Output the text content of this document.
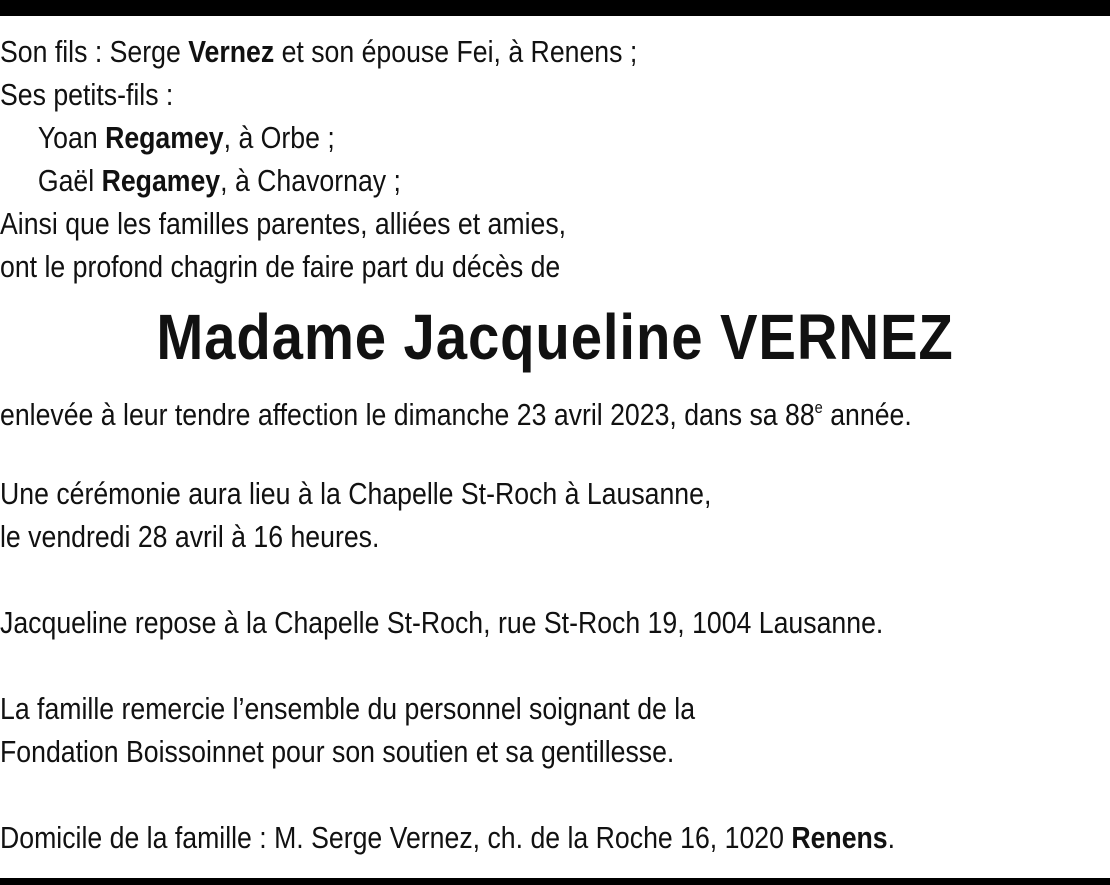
Son fils : Serge Vernez et son épouse Fei, à Renens ;
Ses petits-fils :
Yoan Regamey, à Orbe ;
Gaël Regamey, à Chavornay ;
Ainsi que les familles parentes, alliées et amies,
ont le profond chagrin de faire part du décès de
Madame Jacqueline VERNEZ
enlevée à leur tendre affection le dimanche 23 avril 2023, dans sa 88e année.
Une cérémonie aura lieu à la Chapelle St-Roch à Lausanne,
le vendredi 28 avril à 16 heures.
Jacqueline repose à la Chapelle St-Roch, rue St-Roch 19, 1004 Lausanne.
La famille remercie l’ensemble du personnel soignant de la
Fondation Boissoinnet pour son soutien et sa gentillesse.
Domicile de la famille : M. Serge Vernez, ch. de la Roche 16, 1020 Renens.
